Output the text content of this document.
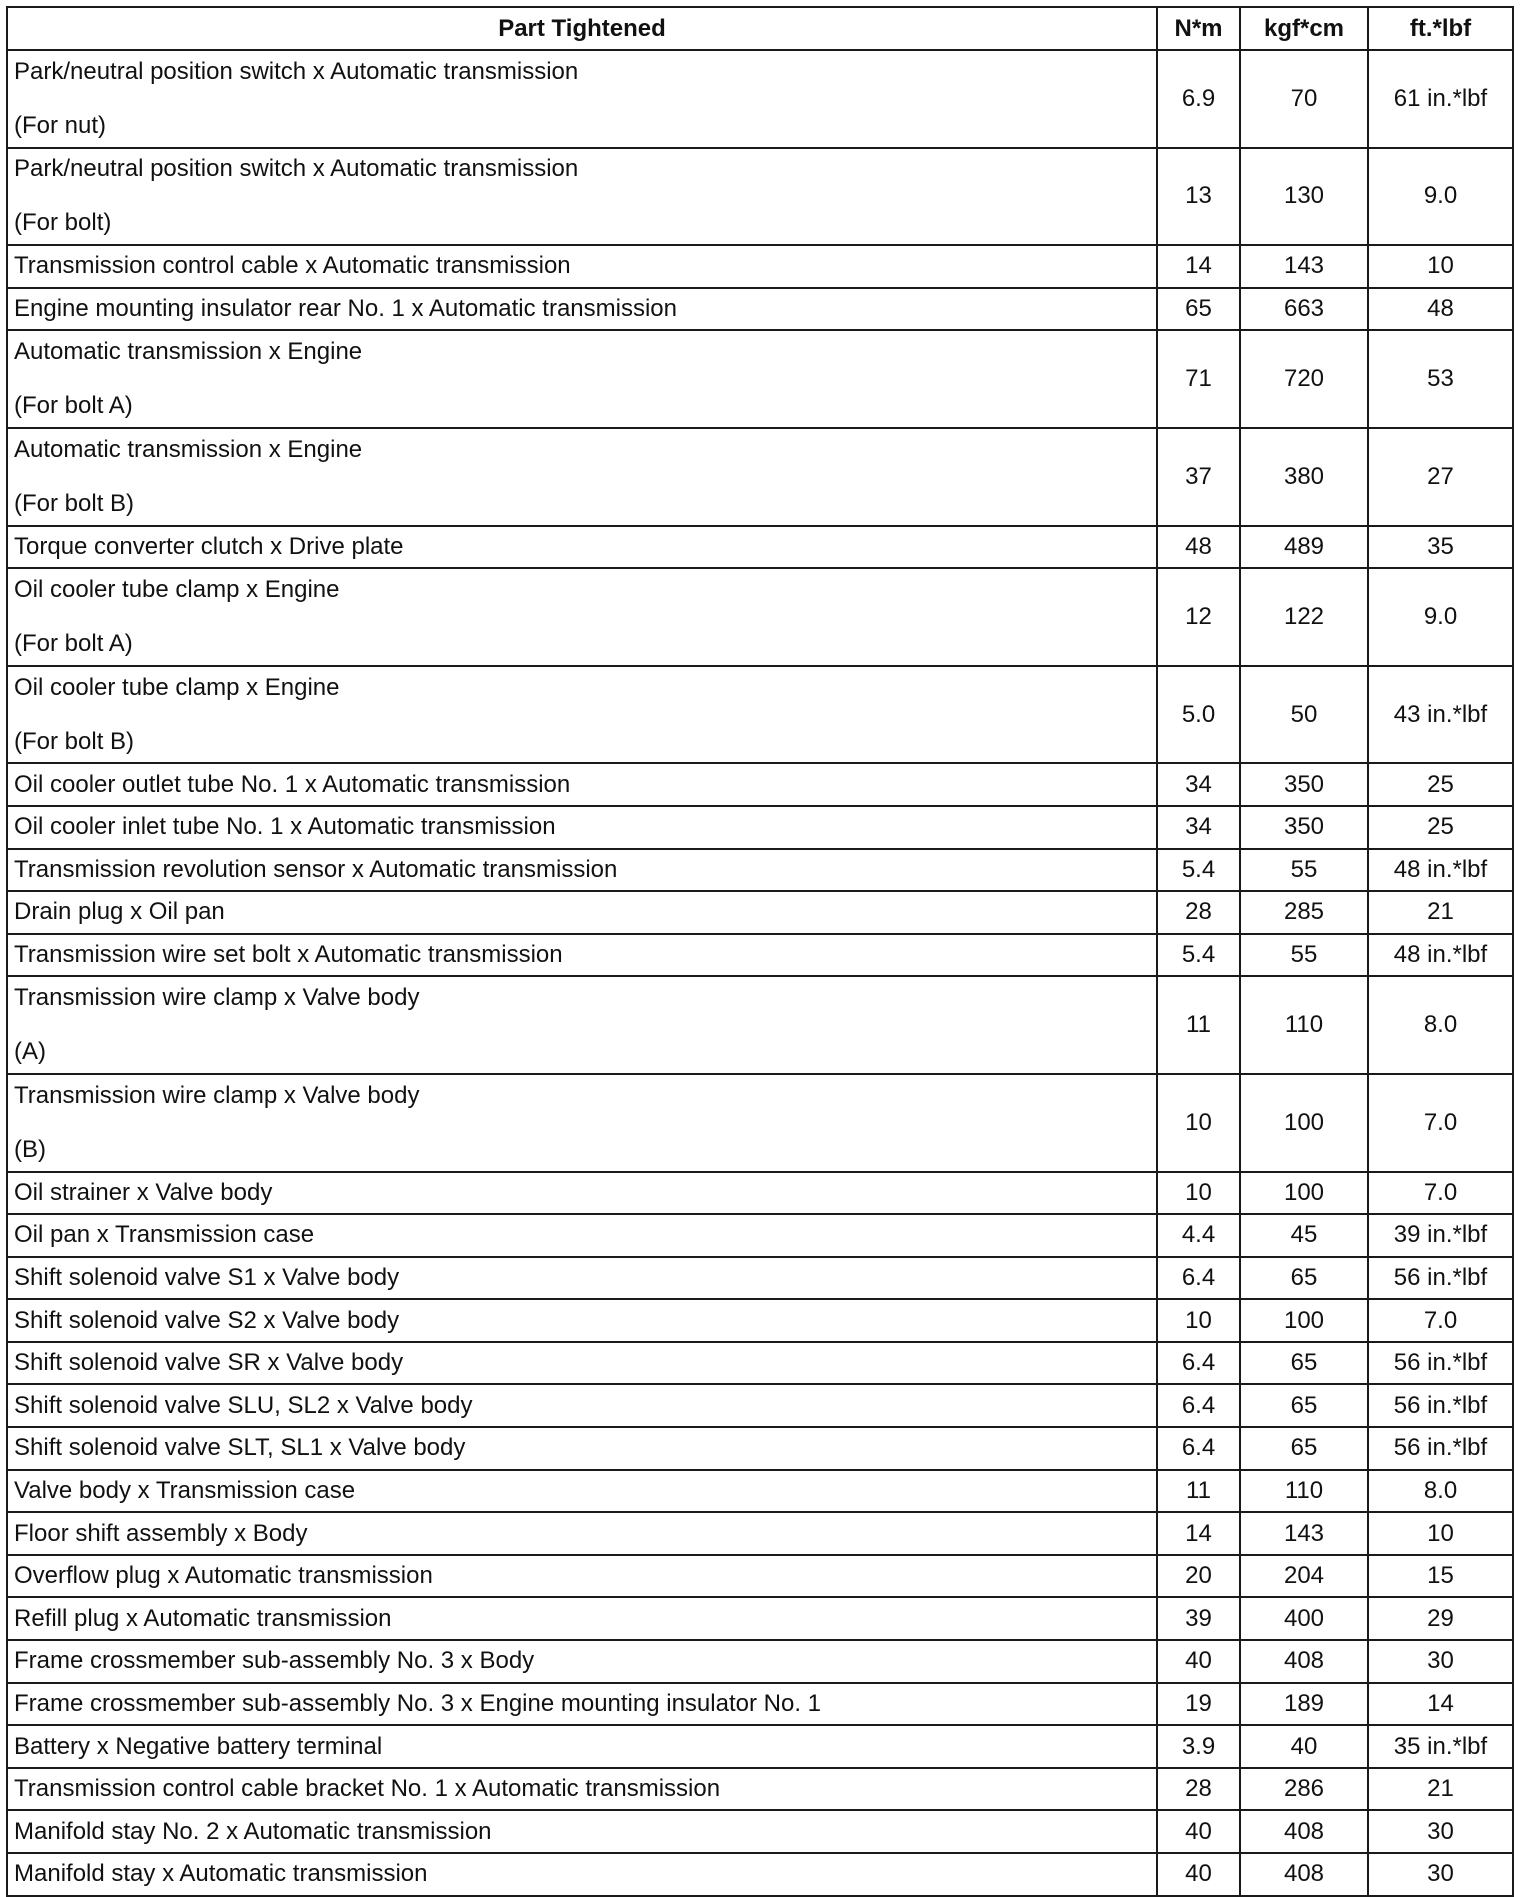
Part Tightened	N*m	kgf*cm	ft.*lbf

Park/neutral position switch x Automatic transmission
(For nut)	6.9	70	61 in.*lbf

Park/neutral position switch x Automatic transmission
(For bolt)	13	130	9.0

Transmission control cable x Automatic transmission	14	143	10

Engine mounting insulator rear No. 1 x Automatic transmission	65	663	48

Automatic transmission x Engine
(For bolt A)	71	720	53

Automatic transmission x Engine
(For bolt B)	37	380	27

Torque converter clutch x Drive plate	48	489	35

Oil cooler tube clamp x Engine
(For bolt A)	12	122	9.0

Oil cooler tube clamp x Engine
(For bolt B)	5.0	50	43 in.*lbf

Oil cooler outlet tube No. 1 x Automatic transmission	34	350	25

Oil cooler inlet tube No. 1 x Automatic transmission	34	350	25

Transmission revolution sensor x Automatic transmission	5.4	55	48 in.*lbf

Drain plug x Oil pan	28	285	21

Transmission wire set bolt x Automatic transmission	5.4	55	48 in.*lbf

Transmission wire clamp x Valve body
(A)	11	110	8.0

Transmission wire clamp x Valve body
(B)	10	100	7.0

Oil strainer x Valve body	10	100	7.0

Oil pan x Transmission case	4.4	45	39 in.*lbf

Shift solenoid valve S1 x Valve body	6.4	65	56 in.*lbf

Shift solenoid valve S2 x Valve body	10	100	7.0

Shift solenoid valve SR x Valve body	6.4	65	56 in.*lbf

Shift solenoid valve SLU, SL2 x Valve body	6.4	65	56 in.*lbf

Shift solenoid valve SLT, SL1 x Valve body	6.4	65	56 in.*lbf

Valve body x Transmission case	11	110	8.0

Floor shift assembly x Body	14	143	10

Overflow plug x Automatic transmission	20	204	15

Refill plug x Automatic transmission	39	400	29

Frame crossmember sub-assembly No. 3 x Body	40	408	30

Frame crossmember sub-assembly No. 3 x Engine mounting insulator No. 1	19	189	14

Battery x Negative battery terminal	3.9	40	35 in.*lbf

Transmission control cable bracket No. 1 x Automatic transmission	28	286	21

Manifold stay No. 2 x Automatic transmission	40	408	30

Manifold stay x Automatic transmission	40	408	30
